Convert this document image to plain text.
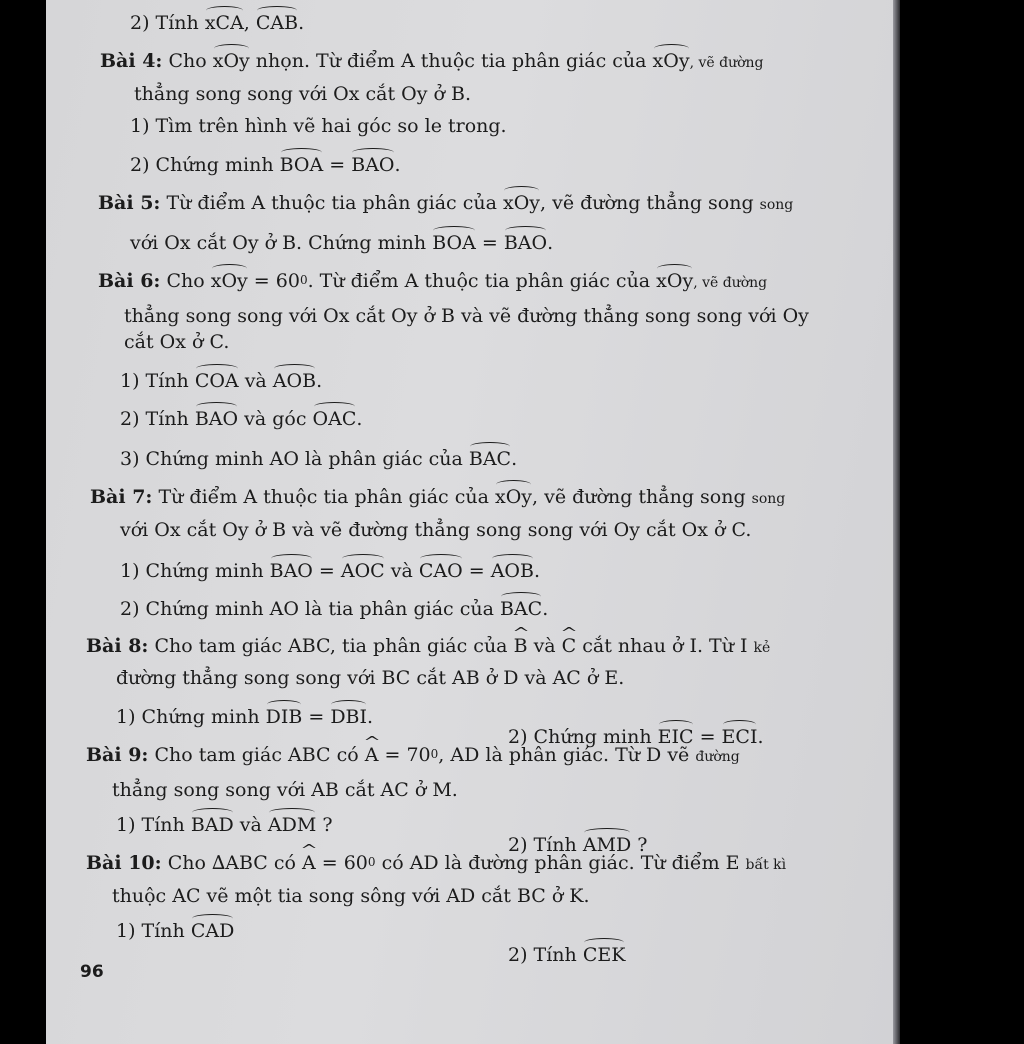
2) Tính xCA, CAB.
Bài 4: Cho xOy nhọn. Từ điểm A thuộc tia phân giác của xOy, vẽ đường
thẳng song song với Ox cắt Oy ở B.
1) Tìm trên hình vẽ hai góc so le trong.
2) Chứng minh BOA = BAO.
Bài 5: Từ điểm A thuộc tia phân giác của xOy, vẽ đường thẳng song song
với Ox cắt Oy ở B. Chứng minh BOA = BAO.
Bài 6: Cho xOy = $60^0$. Từ điểm A thuộc tia phân giác của xOy, vẽ đường
thẳng song song với Ox cắt Oy ở B và vẽ đường thẳng song song với Oy
cắt Ox ở C.
1) Tính COA và AOB.
2) Tính BAO và góc OAC.
3) Chứng minh AO là phân giác của BAC.
Bài 7: Từ điểm A thuộc tia phân giác của xOy, vẽ đường thẳng song song
với Ox cắt Oy ở B và vẽ đường thẳng song song với Oy cắt Ox ở C.
1) Chứng minh BAO = AOC và CAO = AOB.
2) Chứng minh AO là tia phân giác của BAC.
Bài 8: Cho tam giác ABC, tia phân giác của ^ B và ^ C cắt nhau ở I. Từ I kẻ
đường thẳng song song với BC cắt AB ở D và AC ở E.
1) Chứng minh DIB = DBI.
2) Chứng minh EIC = ECI.
Bài 9: Cho tam giác ABC có ^ $A = 70^0$, AD là phân giác. Từ D vẽ đường
thẳng song song với AB cắt AC ở M.
1) Tính BAD và ADM ?
2) Tính AMD ?
Bài 10: Cho ∆ABC có ^ $A = 60^0$ có AD là đường phân giác. Từ điểm E bất kì
thuộc AC vẽ một tia song sông với AD cắt BC ở K.
1) Tính CAD
2) Tính CEK
96
